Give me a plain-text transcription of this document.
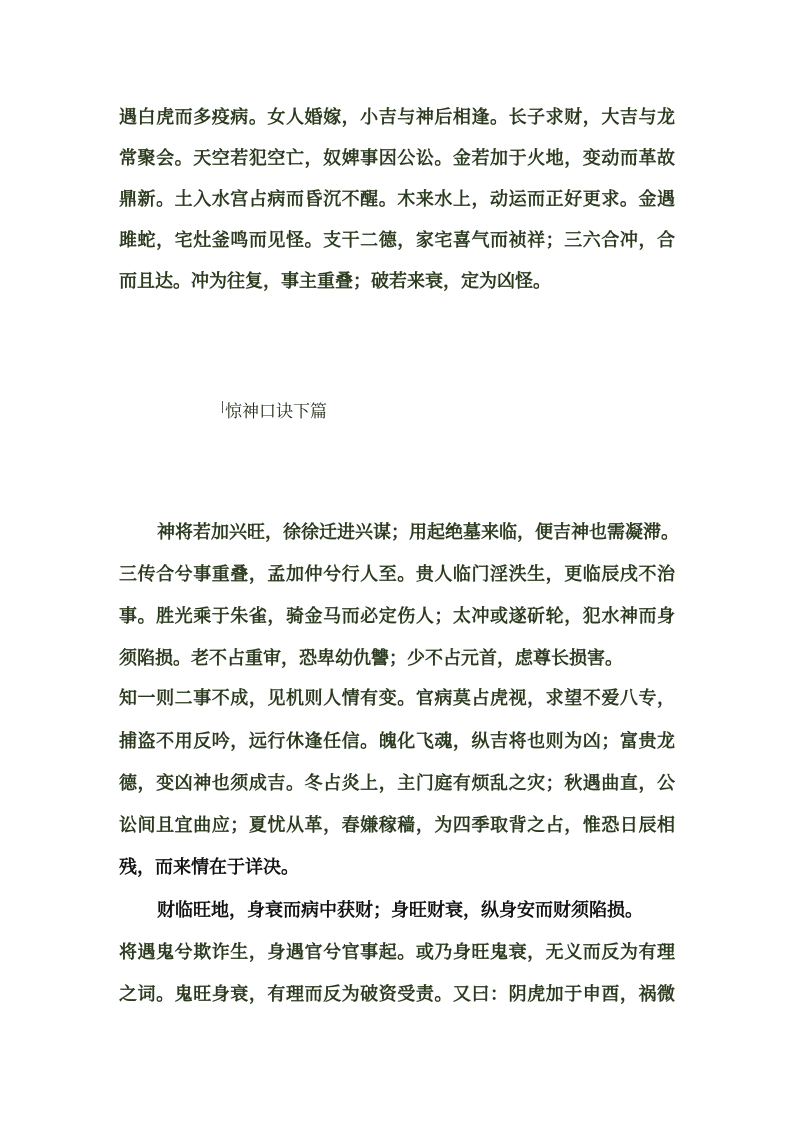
遇白虎而多疫病。女人婚嫁，小吉与神后相逢。长子求财，大吉与龙
常聚会。天空若犯空亡，奴婢事因公讼。金若加于火地，变动而革故
鼎新。土入水宫占病而昏沉不醒。木来水上，动运而正好更求。金遇
雎蛇，宅灶釜鸣而见怪。支干二德，家宅喜气而祯祥；三六合冲，合
而且达。冲为往复，事主重叠；破若来衰，定为凶怪。
惊神口诀下篇
神将若加兴旺，徐徐迁进兴谋；用起绝墓来临，便吉神也需凝滞。
三传合兮事重叠，孟加仲兮行人至。贵人临门淫泆生，更临辰戌不治
事。胜光乘于朱雀，骑金马而必定伤人；太冲或遂斫轮，犯水神而身
须陷损。老不占重审，恐卑幼仇讐；少不占元首，虑尊长损害。
知一则二事不成，见机则人情有变。官病莫占虎视，求望不爱八专，
捕盗不用反吟，远行休逢任信。魄化飞魂，纵吉将也则为凶；富贵龙
德，变凶神也须成吉。冬占炎上，主门庭有烦乱之灾；秋遇曲直，公
讼间且宜曲应；夏忧从革，春嫌稼穑，为四季取背之占，惟恐日辰相
残，而来情在于详决。
财临旺地，身衰而病中获财；身旺财衰，纵身安而财须陷损。
将遇鬼兮欺诈生，身遇官兮官事起。或乃身旺鬼衰，无义而反为有理
之词。鬼旺身衰，有理而反为破资受责。又曰：阴虎加于申酉，祸微
